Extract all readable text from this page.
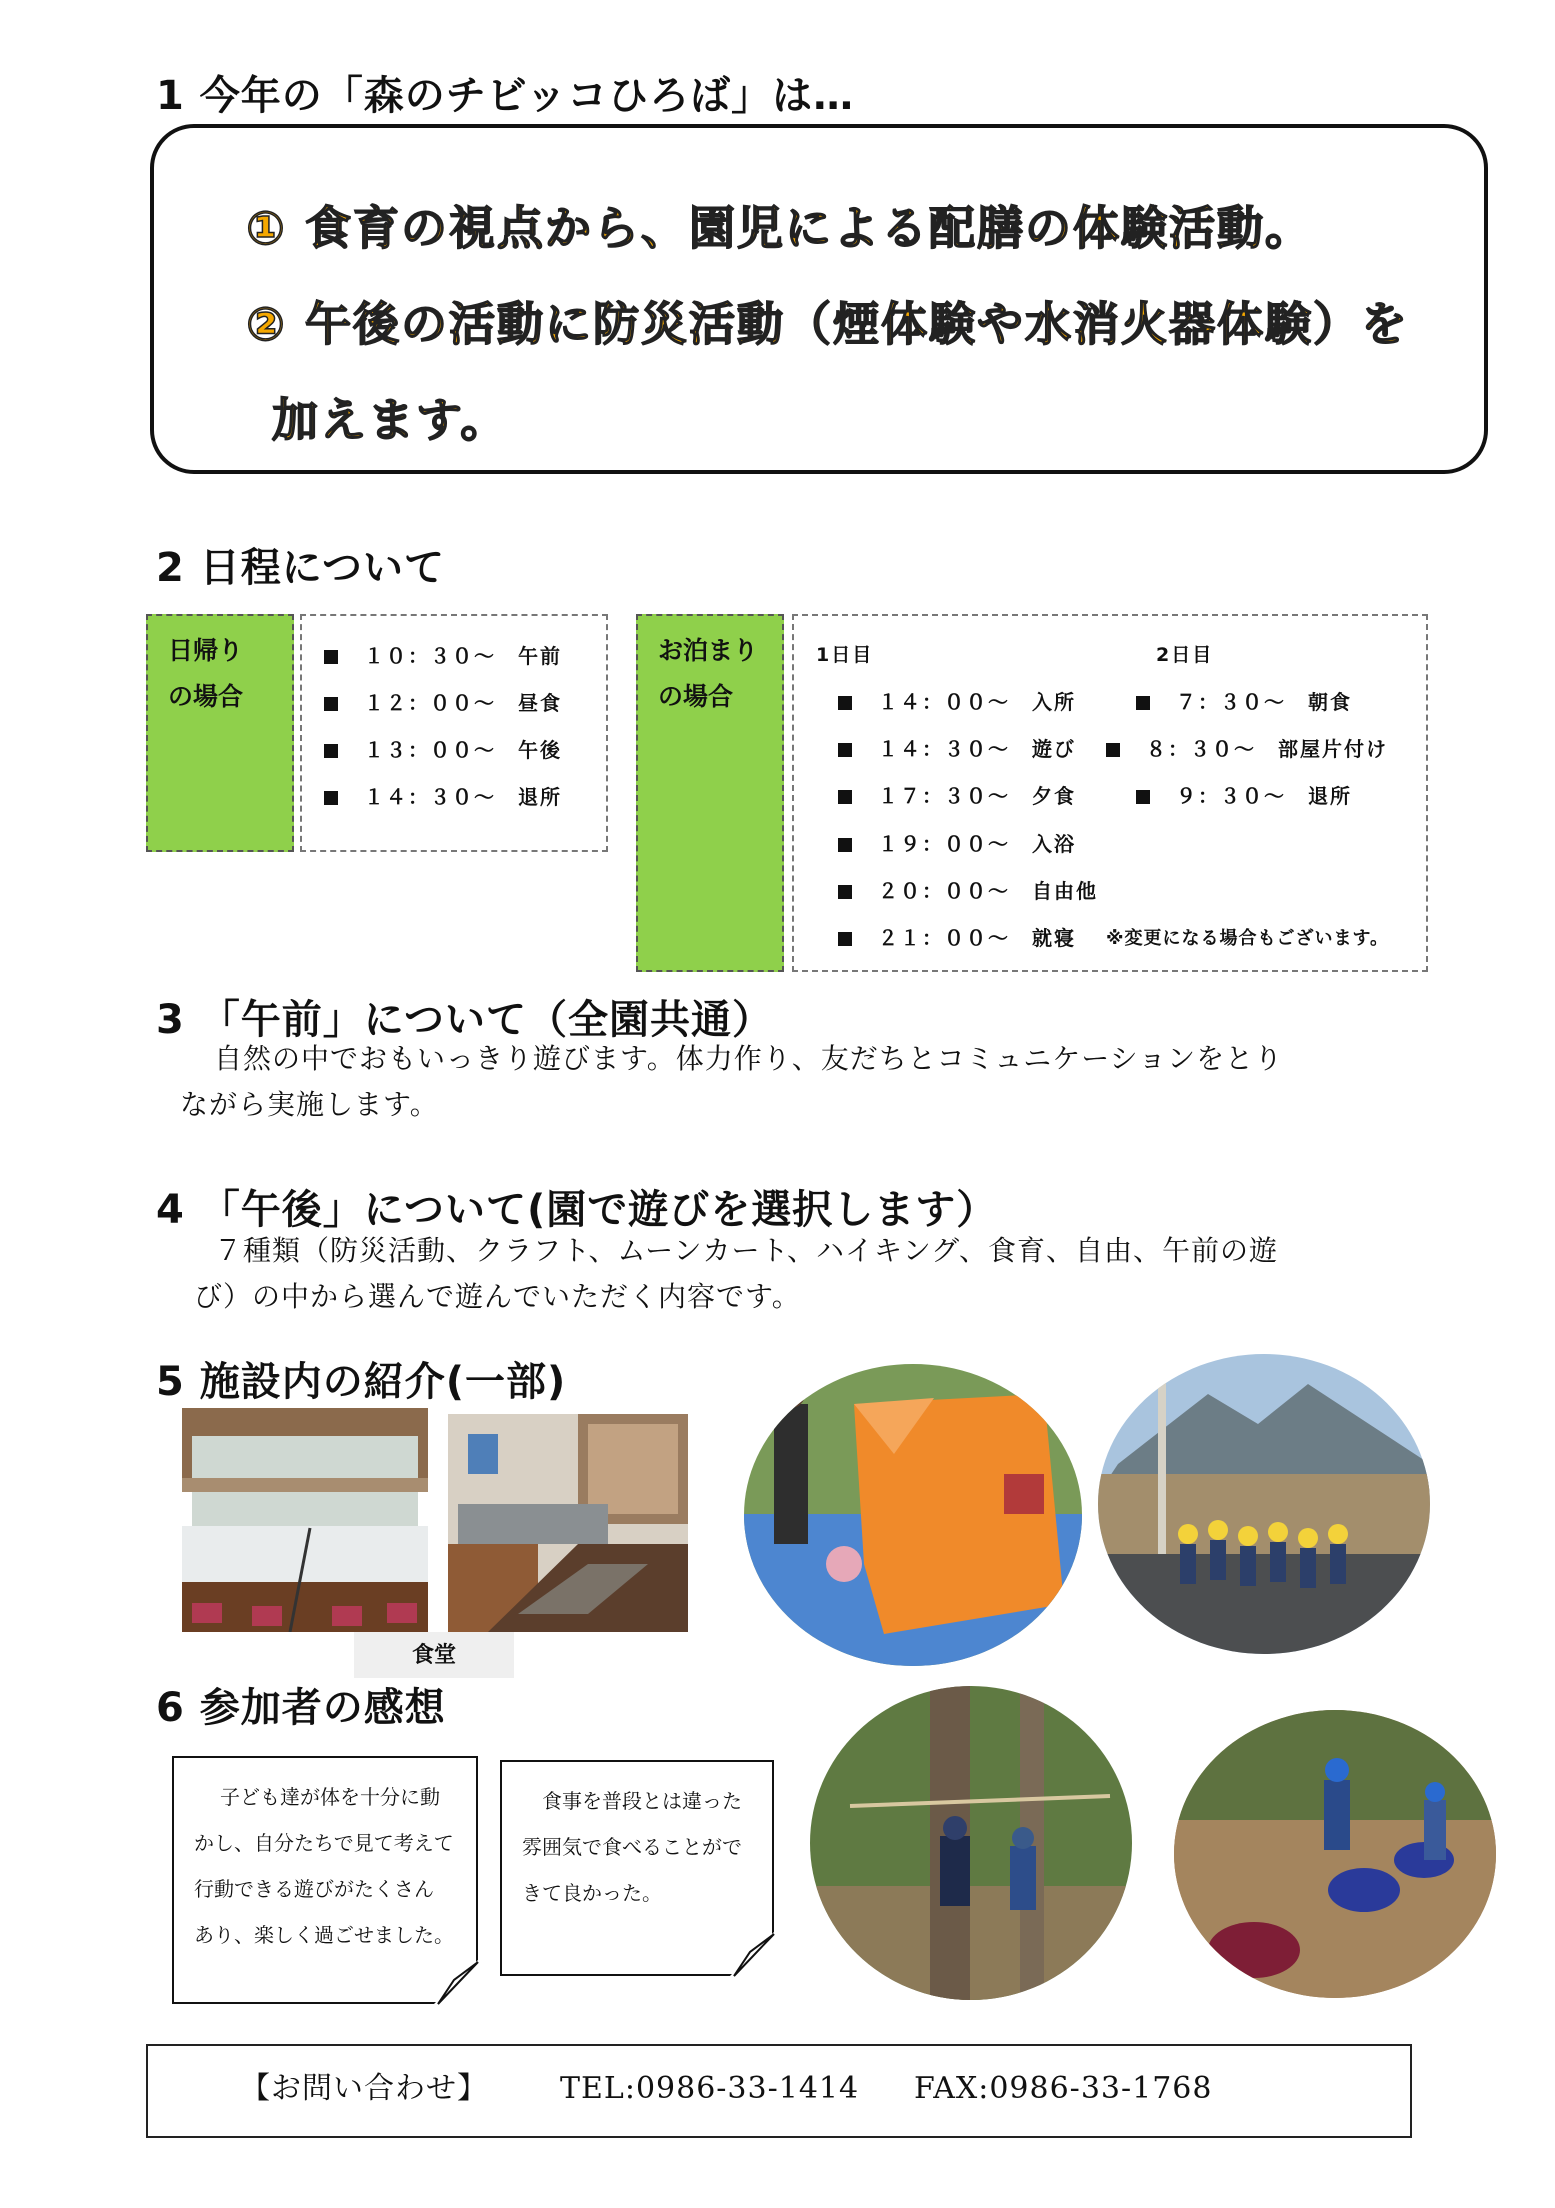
1 今年の「森のチビッコひろば」は…
① 食育の視点から、園児による配膳の体験活動。
② 午後の活動に防災活動（煙体験や水消火器体験）を
加えます。
2 日程について
日帰り
の場合
１０：３０～　午前
１２：００～　昼食
１３：００～　午後
１４：３０～　退所
お泊まり
の場合
1日目	2日目
１４：００～　入所
１４：３０～　遊び
１７：３０～　夕食
１９：００～　入浴
２０：００～　自由他
２１：００～　就寝
７：３０～　朝食
８：３０～　部屋片付け
９：３０～　退所
※変更になる場合もございます。
3 「午前」について（全園共通）
自然の中でおもいっきり遊びます。体力作り、友だちとコミュニケーションをとり
ながら実施します。
4 「午後」について(園で遊びを選択します）
７種類（防災活動、クラフト、ムーンカート、ハイキング、食育、自由、午前の遊
び）の中から選んで遊んでいただく内容です。
5 施設内の紹介(一部)
食堂
6 参加者の感想
子ども達が体を十分に動
かし、自分たちで見て考えて
行動できる遊びがたくさん
あり、楽しく過ごせました。
食事を普段とは違った
雰囲気で食べることがで
きて良かった。
【お問い合わせ】 TEL:0986-33-1414 FAX:0986-33-1768
